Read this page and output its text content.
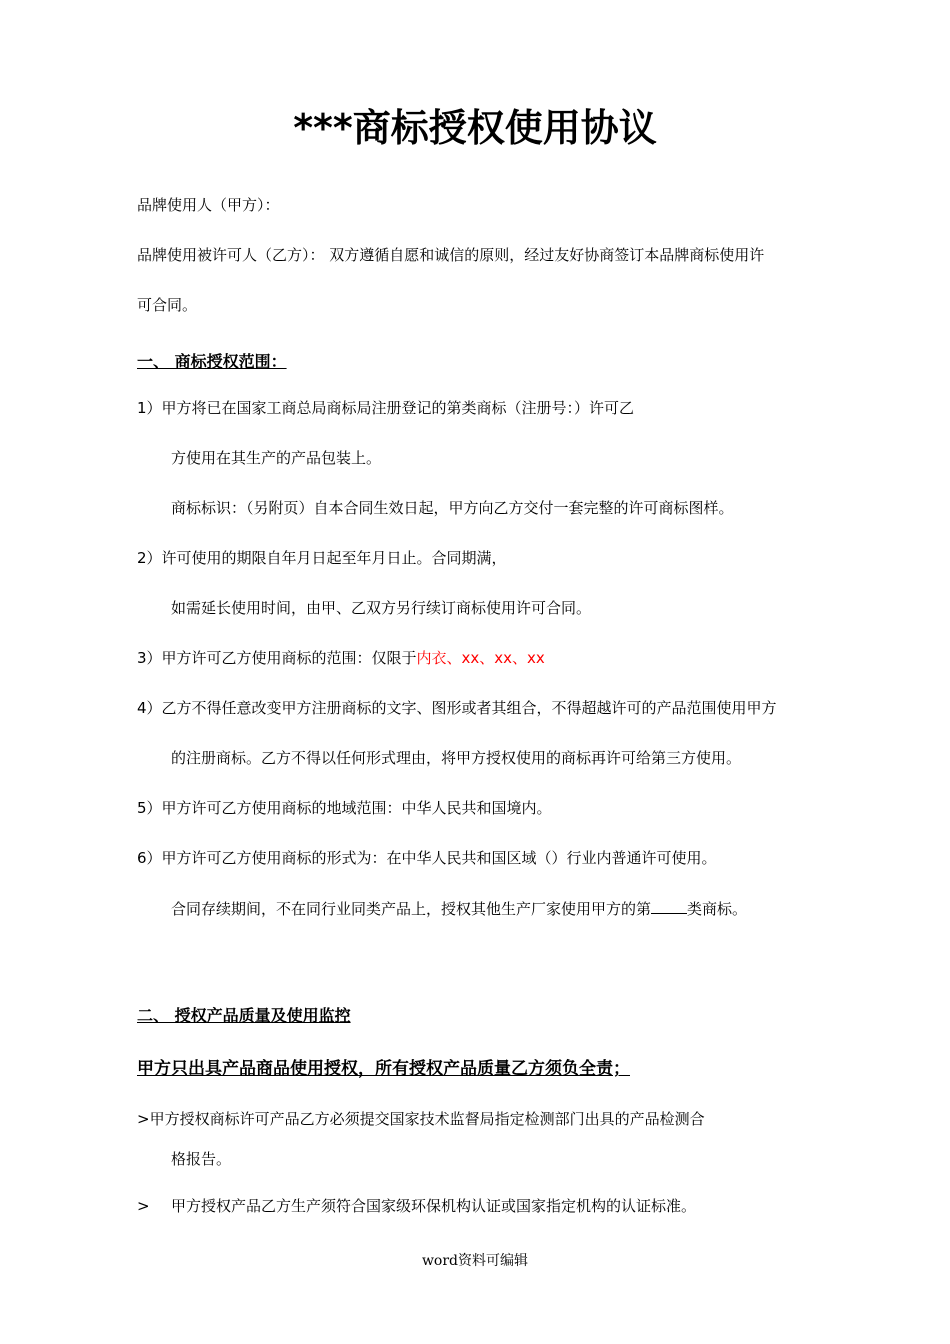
***商标授权使用协议
品牌使用人（甲方）：
品牌使用被许可人（乙方）： 双方遵循自愿和诚信的原则，经过友好协商签订本品牌商标使用许
可合同。
一、 商标授权范围：
1）甲方将已在国家工商总局商标局注册登记的第类商标（注册号：）许可乙
方使用在其生产的产品包装上。
商标标识：（另附页）自本合同生效日起，甲方向乙方交付一套完整的许可商标图样。
2）许可使用的期限自年月日起至年月日止。合同期满，
如需延长使用时间，由甲、乙双方另行续订商标使用许可合同。
3）甲方许可乙方使用商标的范围：仅限于内衣、xx、xx、xx
4）乙方不得任意改变甲方注册商标的文字、图形或者其组合，不得超越许可的产品范围使用甲方
的注册商标。乙方不得以任何形式理由，将甲方授权使用的商标再许可给第三方使用。
5）甲方许可乙方使用商标的地域范围：中华人民共和国境内。
6）甲方许可乙方使用商标的形式为：在中华人民共和国区域（）行业内普通许可使用。
合同存续期间，不在同行业同类产品上，授权其他生产厂家使用甲方的第 类商标。
二、 授权产品质量及使用监控
甲方只出具产品商品使用授权，所有授权产品质量乙方须负全责；
>甲方授权商标许可产品乙方必须提交国家技术监督局指定检测部门出具的产品检测合
格报告。
> 甲方授权产品乙方生产须符合国家级环保机构认证或国家指定机构的认证标准。
word资料可编辑
